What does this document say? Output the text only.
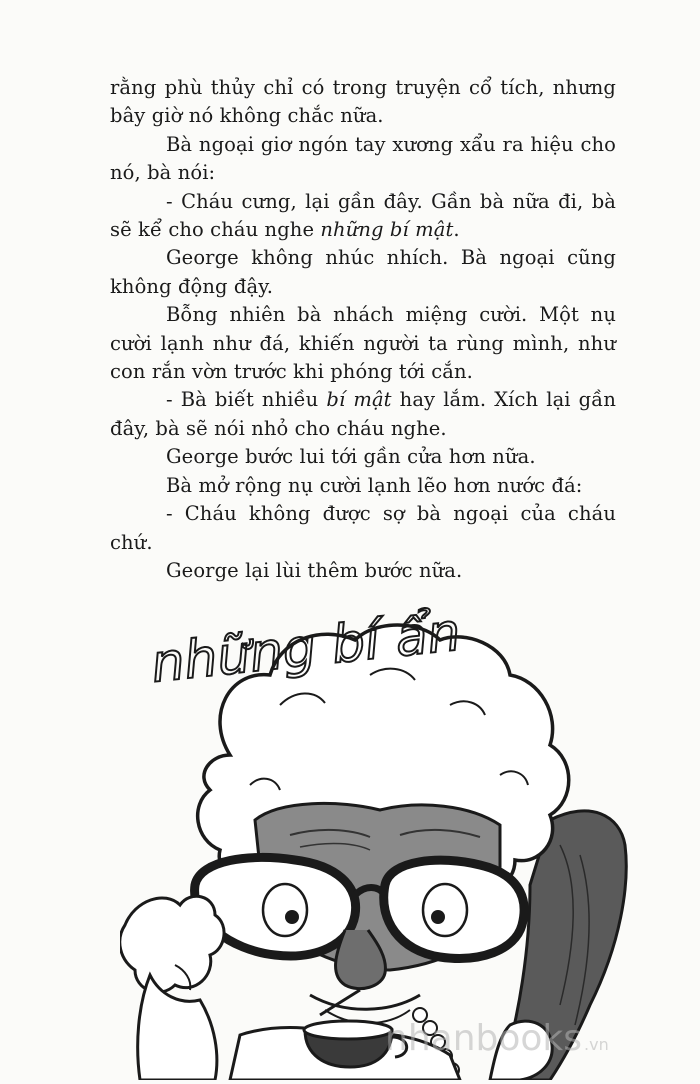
rằng phù thủy chỉ có trong truyện cổ tích, nhưng bây giờ nó không chắc nữa.

Bà ngoại giơ ngón tay xương xẩu ra hiệu cho nó, bà nói:

- Cháu cưng, lại gần đây. Gần bà nữa đi, bà sẽ kể cho cháu nghe những bí mật.

George không nhúc nhích. Bà ngoại cũng không động đậy.

Bỗng nhiên bà nhách miệng cười. Một nụ cười lạnh như đá, khiến người ta rùng mình, như con rắn vờn trước khi phóng tới cắn.

- Bà biết nhiều bí mật hay lắm. Xích lại gần đây, bà sẽ nói nhỏ cho cháu nghe.

George bước lui tới gần cửa hơn nữa.

Bà mở rộng nụ cười lạnh lẽo hơn nước đá:

- Cháu không được sợ bà ngoại của cháu chứ.

George lại lùi thêm bước nữa.

những bí ẩn
nhanbooks .vn
